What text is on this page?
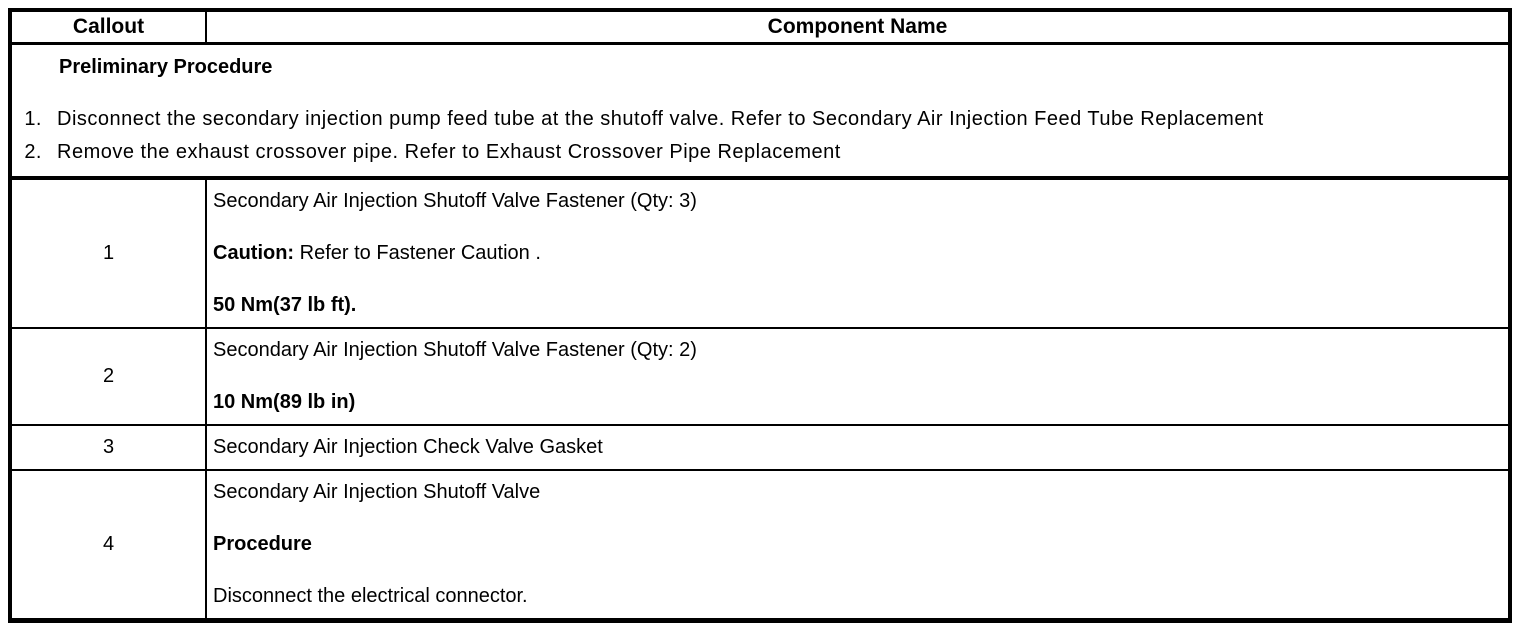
Callout	Component Name
Preliminary Procedure
1. Disconnect the secondary injection pump feed tube at the shutoff valve. Refer to Secondary Air Injection Feed Tube Replacement
2. Remove the exhaust crossover pipe. Refer to Exhaust Crossover Pipe Replacement
1

Secondary Air Injection Shutoff Valve Fastener (Qty: 3)

Caution: Refer to Fastener Caution .

50 Nm(37 lb ft).

2

Secondary Air Injection Shutoff Valve Fastener (Qty: 2)

10 Nm(89 lb in)

3	Secondary Air Injection Check Valve Gasket

4

Secondary Air Injection Shutoff Valve

Procedure

Disconnect the electrical connector.
